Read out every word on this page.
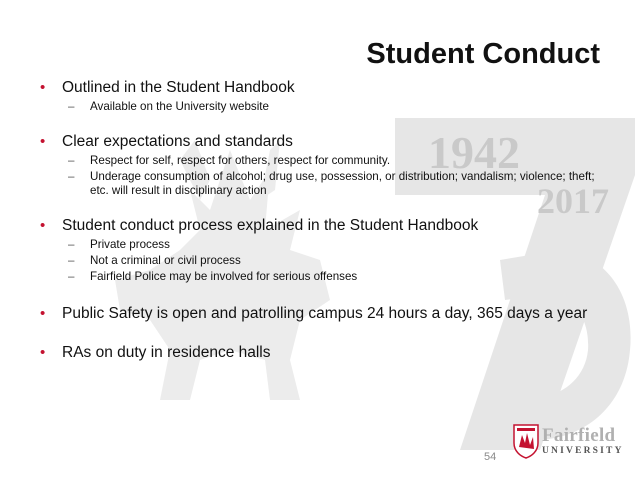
1942
2017
Student Conduct
• Outlined in the Student Handbook
– Available on the University website
• Clear expectations and standards
– Respect for self, respect for others, respect for community.
– Underage consumption of alcohol; drug use, possession, or distribution; vandalism; violence; theft; etc. will result in disciplinary action
• Student conduct process explained in the Student Handbook
– Private process
– Not a criminal or civil process
– Fairfield Police may be involved for serious offenses
• Public Safety is open and patrolling campus 24 hours a day, 365 days a year
• RAs on duty in residence halls
54
Fairfield
UNIVERSITY
